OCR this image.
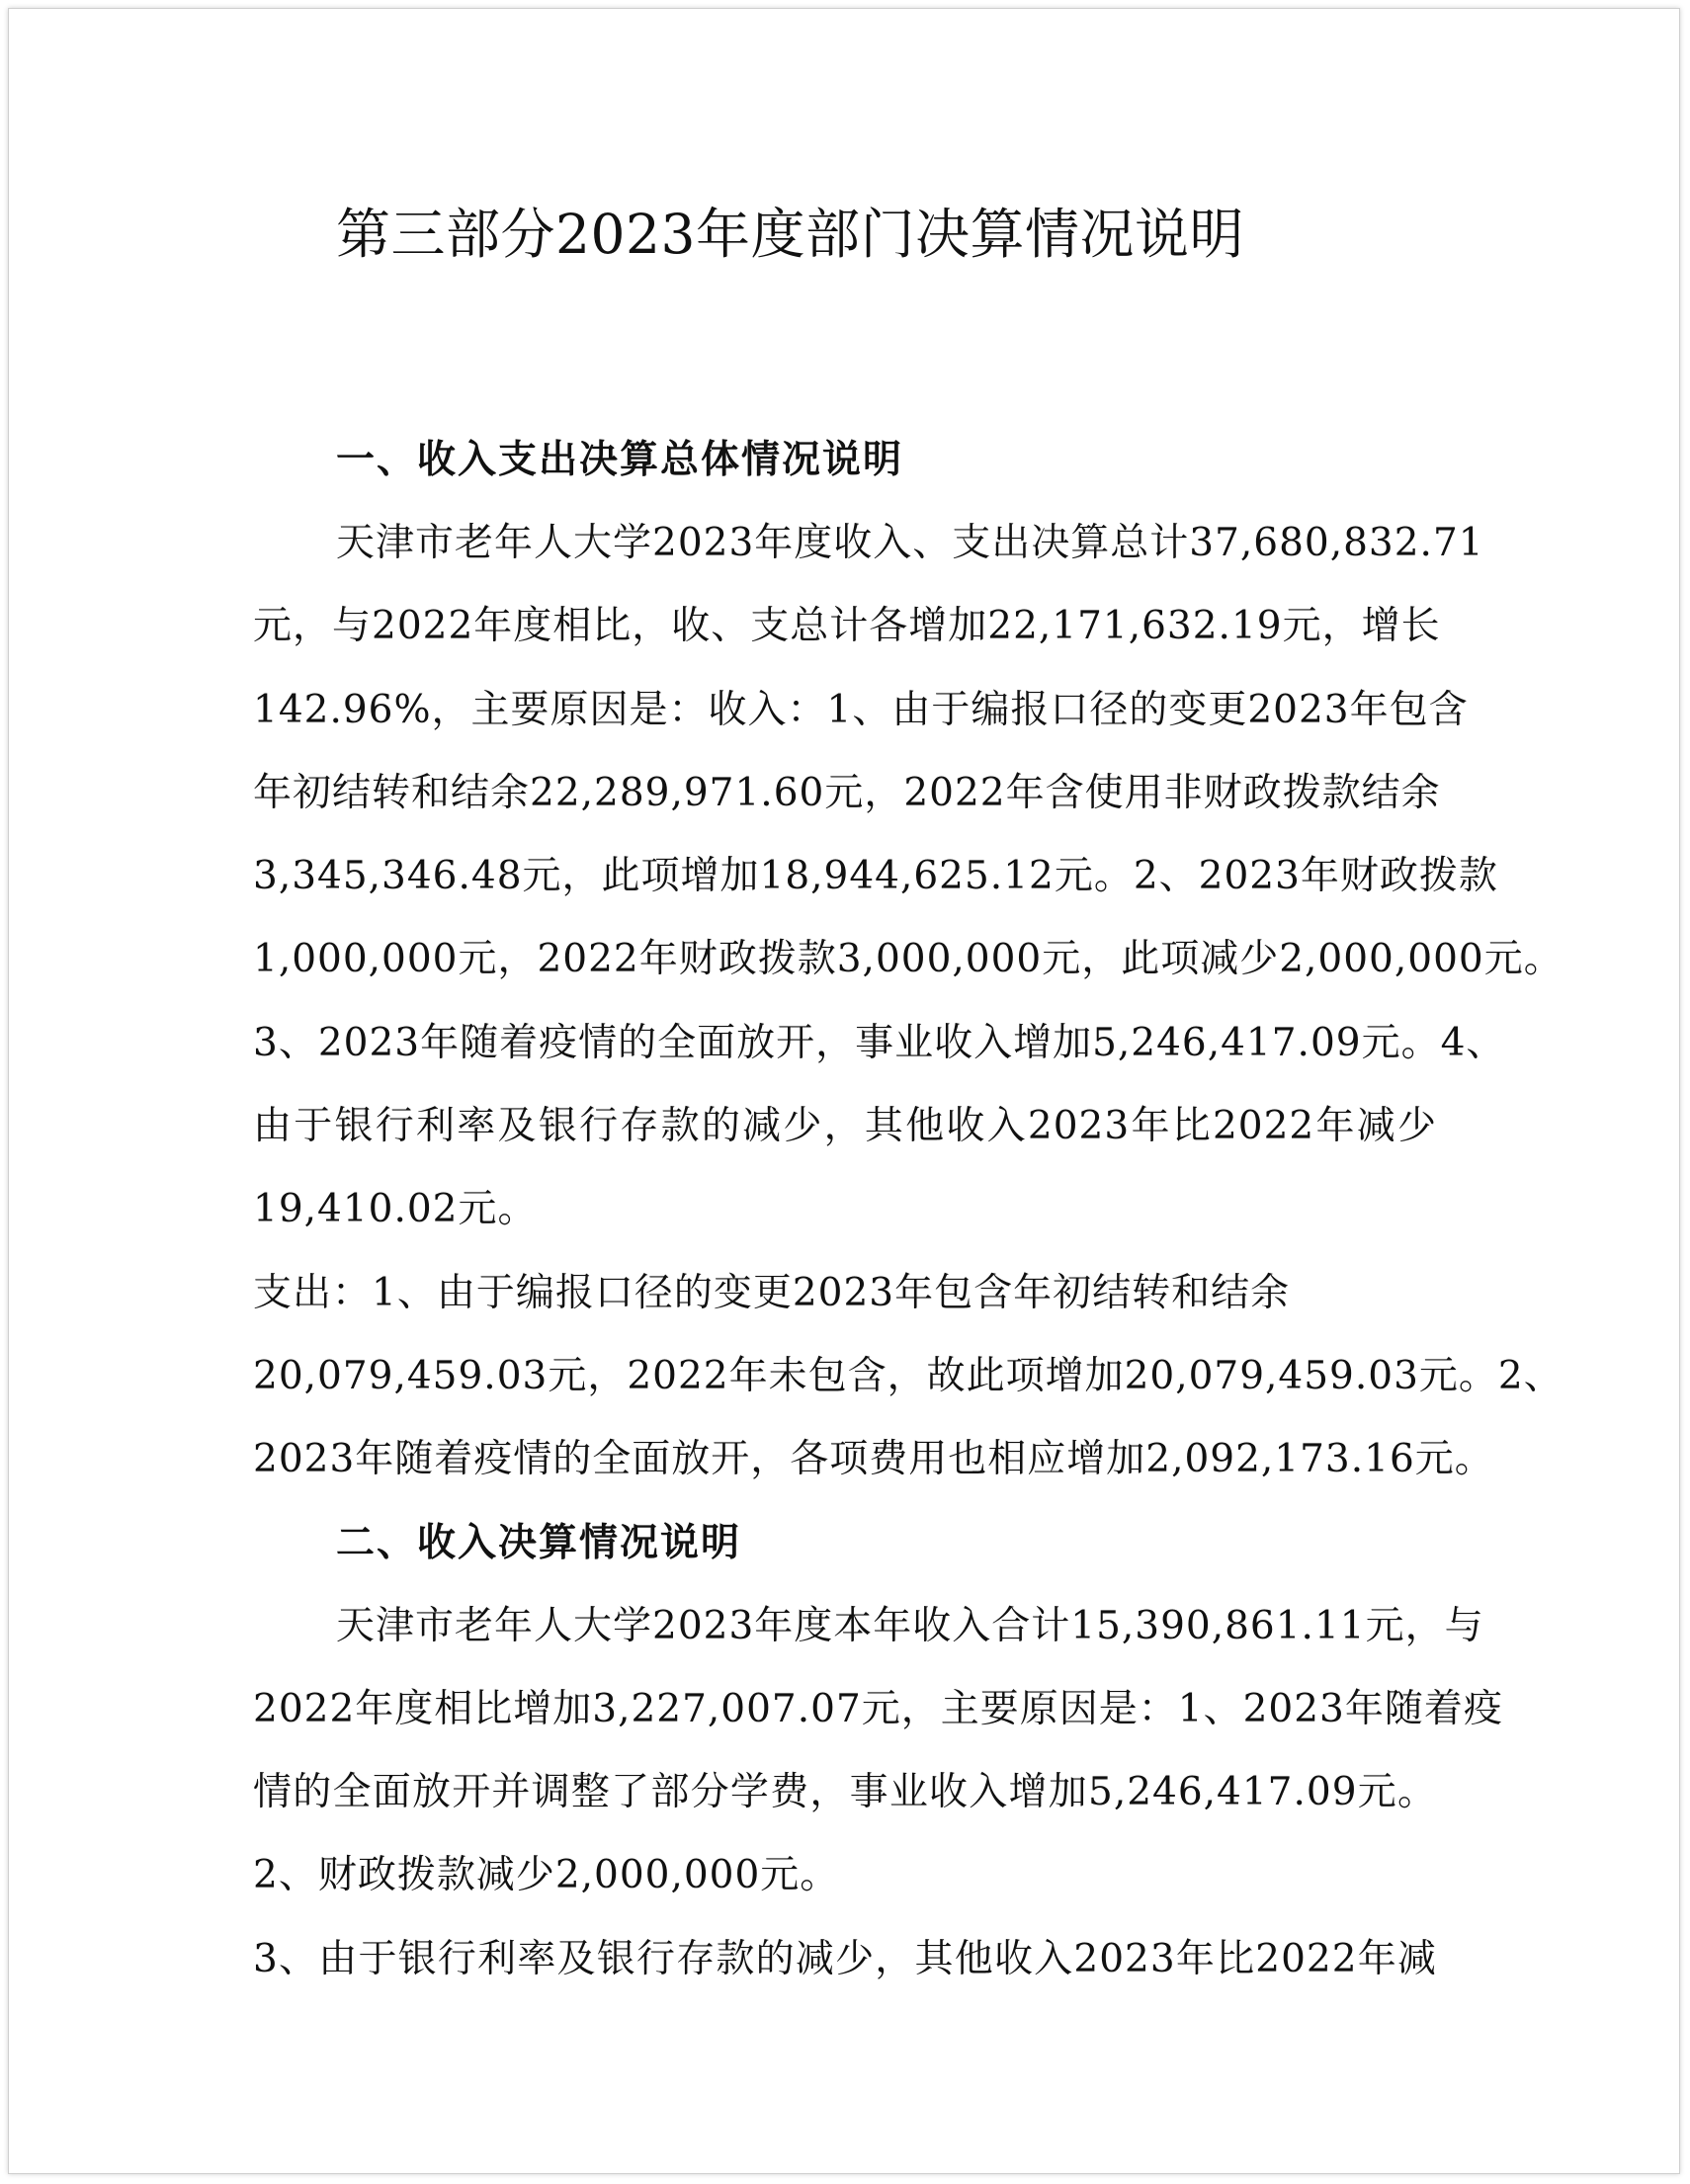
第三部分2023年度部门决算情况说明
一、收入支出决算总体情况说明
天津市老年人大学2023年度收入、支出决算总计37,680,832.71
元，与2022年度相比，收、支总计各增加22,171,632.19元，增长
142.96%，主要原因是：收入：1、由于编报口径的变更2023年包含
年初结转和结余22,289,971.60元，2022年含使用非财政拨款结余
3,345,346.48元，此项增加18,944,625.12元。2、2023年财政拨款
1,000,000元，2022年财政拨款3,000,000元，此项减少2,000,000元。
3、2023年随着疫情的全面放开，事业收入增加5,246,417.09元。4、
由于银行利率及银行存款的减少，其他收入2023年比2022年减少
19,410.02元。
支出：1、由于编报口径的变更2023年包含年初结转和结余
20,079,459.03元，2022年未包含，故此项增加20,079,459.03元。2、
2023年随着疫情的全面放开，各项费用也相应增加2,092,173.16元。
二、收入决算情况说明
天津市老年人大学2023年度本年收入合计15,390,861.11元，与
2022年度相比增加3,227,007.07元，主要原因是：1、2023年随着疫
情的全面放开并调整了部分学费，事业收入增加5,246,417.09元。
2、财政拨款减少2,000,000元。
3、由于银行利率及银行存款的减少，其他收入2023年比2022年减
